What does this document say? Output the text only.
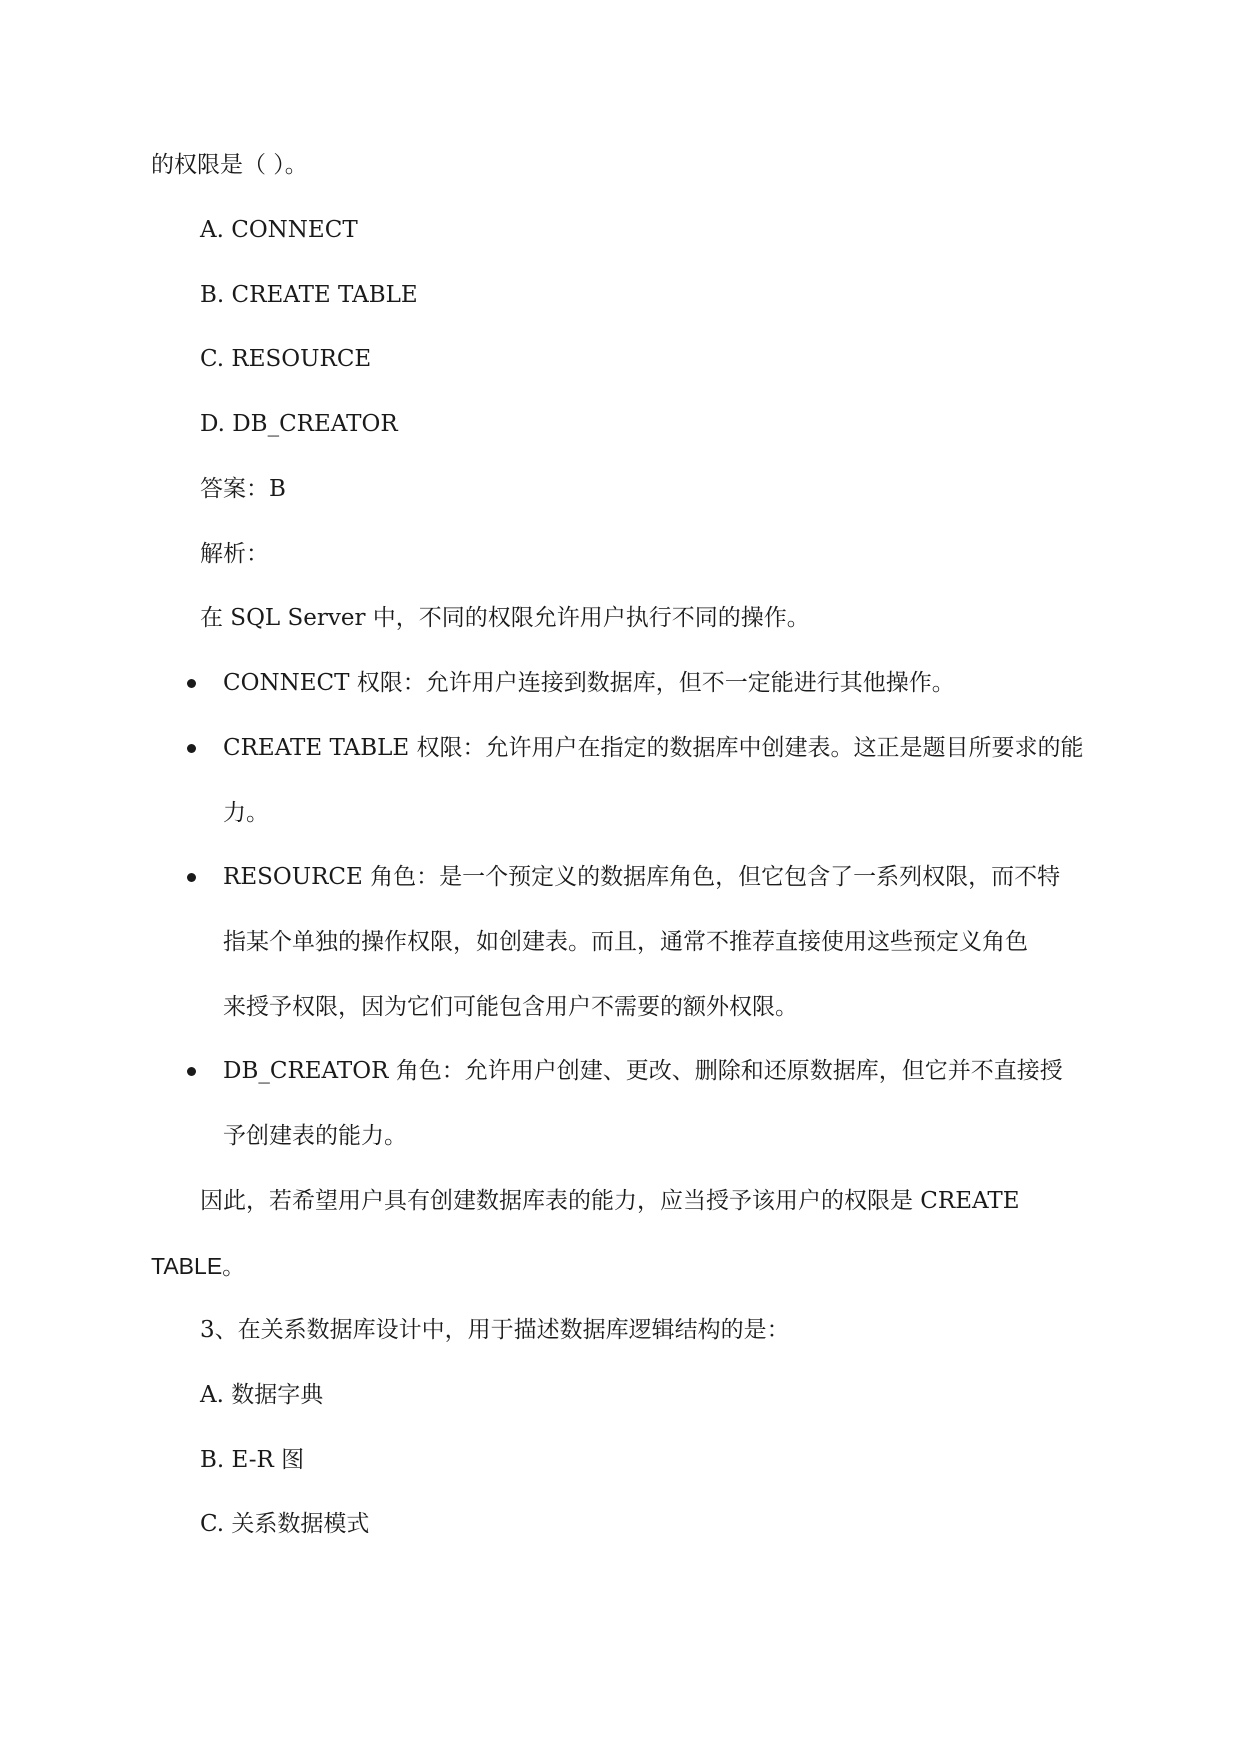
的权限是（ ）。
A. CONNECT
B. CREATE TABLE
C. RESOURCE
D. DB_CREATOR
答案：B
解析：
在 SQL Server 中，不同的权限允许用户执行不同的操作。
CONNECT 权限：允许用户连接到数据库，但不一定能进行其他操作。
CREATE TABLE 权限：允许用户在指定的数据库中创建表。这正是题目所要求的能
力。
RESOURCE 角色：是一个预定义的数据库角色，但它包含了一系列权限，而不特
指某个单独的操作权限，如创建表。而且，通常不推荐直接使用这些预定义角色
来授予权限，因为它们可能包含用户不需要的额外权限。
DB_CREATOR 角色：允许用户创建、更改、删除和还原数据库，但它并不直接授
予创建表的能力。
因此，若希望用户具有创建数据库表的能力，应当授予该用户的权限是 CREATE
TABLE。
3、在关系数据库设计中，用于描述数据库逻辑结构的是：
A. 数据字典
B. E-R 图
C. 关系数据模式
